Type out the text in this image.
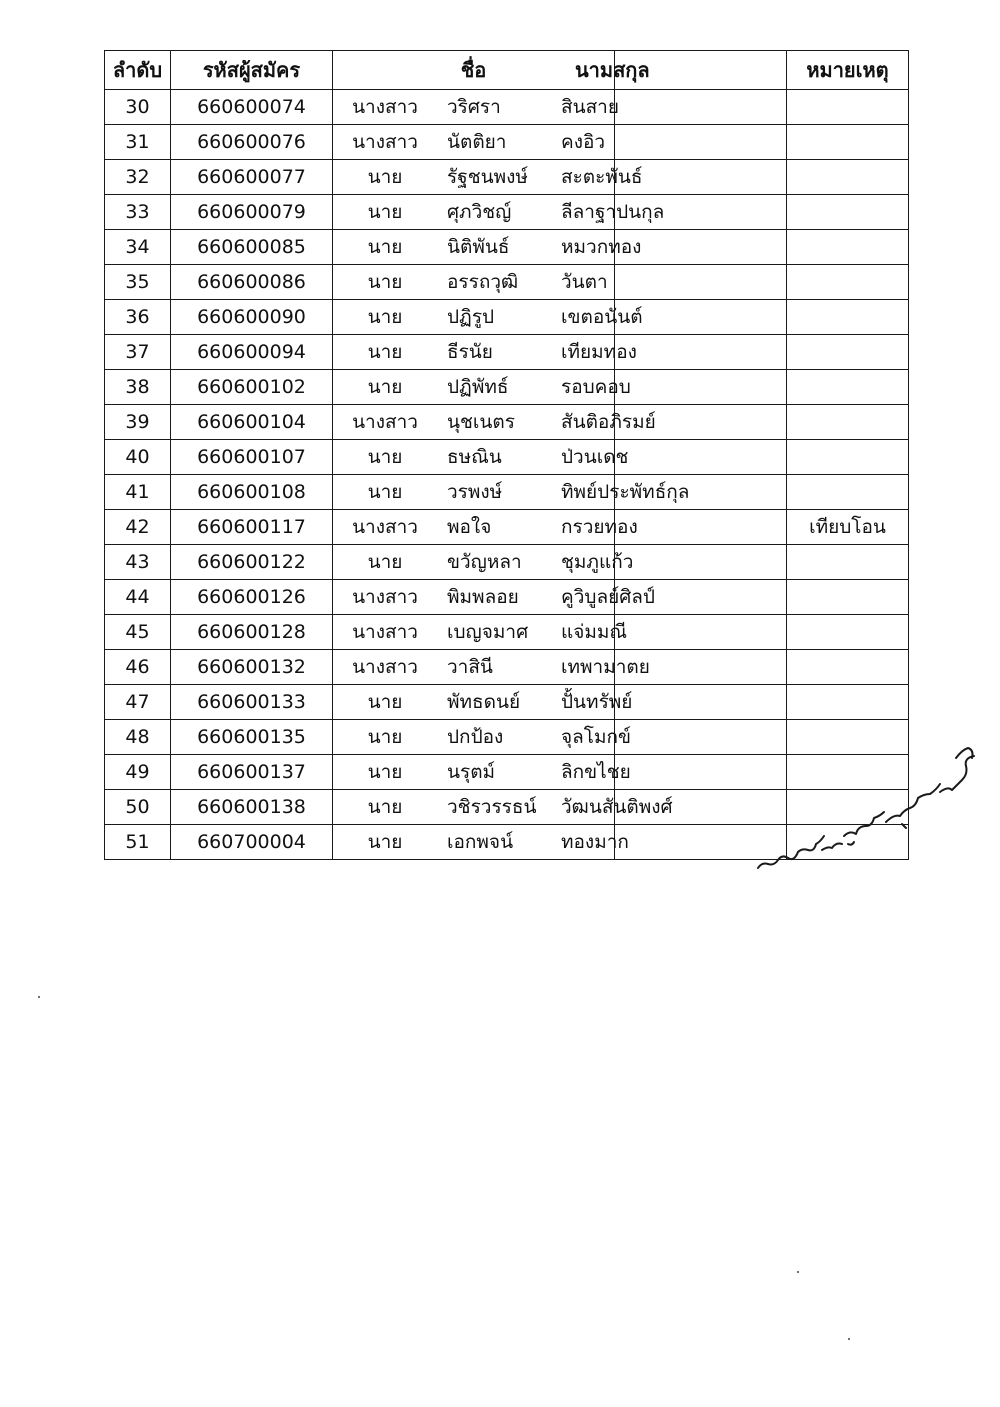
ลำดับ	รหัสผู้สมัคร	ชื่อ	นามสกุล	หมายเหตุ
30	660600074	นางสาว วริศรา	สินสาย	
31	660600076	นางสาว นัตติยา	คงอิว	
32	660600077	นาย รัฐชนพงษ์	สะตะพันธ์	
33	660600079	นาย ศุภวิชญ์	ลีลาฐาปนกุล	
34	660600085	นาย นิติพันธ์	หมวกทอง	
35	660600086	นาย อรรถวุฒิ	วันตา	
36	660600090	นาย ปฏิรูป	เขตอนันต์	
37	660600094	นาย ธีรนัย	เทียมทอง	
38	660600102	นาย ปฏิพัทธ์	รอบคอบ	
39	660600104	นางสาว นุชเนตร	สันติอภิรมย์	
40	660600107	นาย ธษณิน	ป่วนเดช	
41	660600108	นาย วรพงษ์	ทิพย์ประพัทธ์กุล	
42	660600117	นางสาว พอใจ	กรวยทอง	เทียบโอน
43	660600122	นาย ขวัญหลา	ชุมภูแก้ว	
44	660600126	นางสาว พิมพลอย	คูวิบูลย์ศิลป์	
45	660600128	นางสาว เบญจมาศ	แจ่มมณี	
46	660600132	นางสาว วาสินี	เทพามาตย	
47	660600133	นาย พัทธดนย์	ปั้นทรัพย์	
48	660600135	นาย ปกป้อง	จุลโมกข์	
49	660600137	นาย นรุตม์	ลิกขไชย	
50	660600138	นาย วชิรวรรธน์	วัฒนสันติพงศ์	
51	660700004	นาย เอกพจน์	ทองมาก	
